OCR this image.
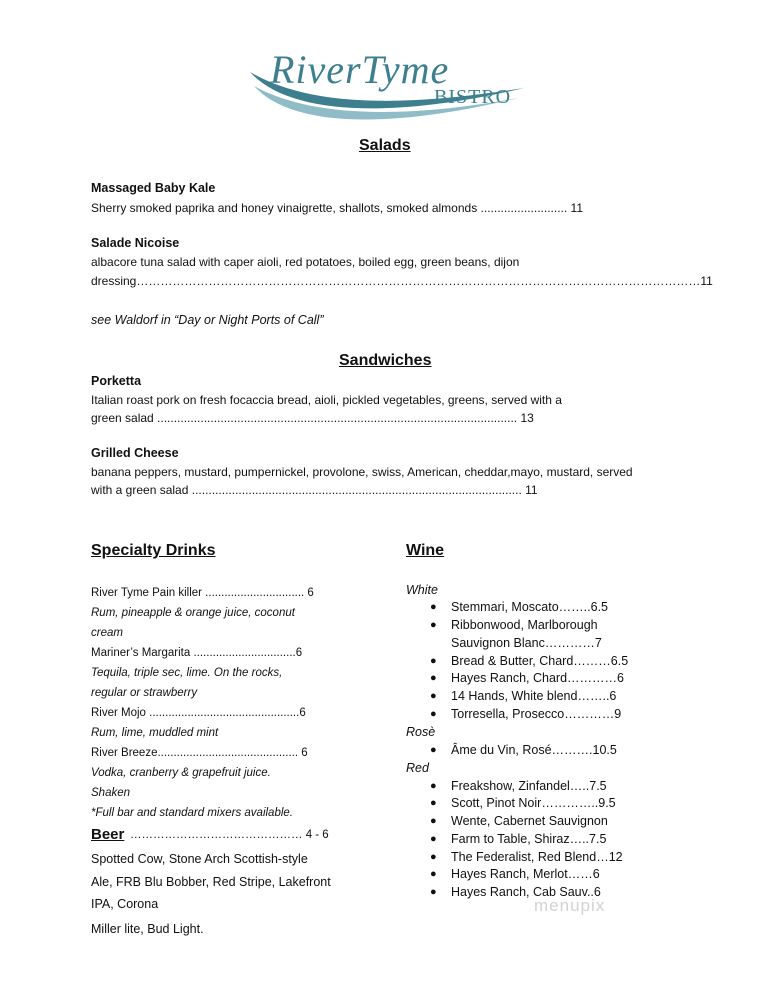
RiverTyme
BISTRO
Salads
Massaged Baby Kale
Sherry smoked paprika and honey vinaigrette, shallots, smoked almonds .......................... 11
Salade Nicoise
albacore tuna salad with caper aioli, red potatoes, boiled egg, green beans, dijon
dressing……………………………………………………………………………………………………………………………11
see Waldorf in “Day or Night Ports of Call”
Sandwiches
Porketta
Italian roast pork on fresh focaccia bread, aioli, pickled vegetables, greens, served with a
green salad ............................................................................................................ 13
Grilled Cheese
banana peppers, mustard, pumpernickel, provolone, swiss, American, cheddar,mayo, mustard, served
with a green salad ................................................................................................... 11
Specialty Drinks
River Tyme Pain killer ............................... 6
Rum, pineapple & orange juice, coconut
cream
Mariner’s Margarita ................................6
Tequila, triple sec, lime. On the rocks,
regular or strawberry
River Mojo ...............................................6
Rum, lime, muddled mint
River Breeze............................................ 6
Vodka, cranberry & grapefruit juice.
Shaken
*Full bar and standard mixers available.
Beer ……………………………………… 4 - 6
Spotted Cow, Stone Arch Scottish-style
Ale, FRB Blu Bobber, Red Stripe, Lakefront
IPA, Corona
Miller lite, Bud Light.
Wine
White
● Stemmari, Moscato……..6.5
● Ribbonwood, Marlborough
Sauvignon Blanc…………7
● Bread & Butter, Chard………6.5
● Hayes Ranch, Chard…………6
● 14 Hands, White blend……..6
● Torresella, Prosecco…………9
Rosè
● Âme du Vin, Rosé……….10.5
Red
● Freakshow, Zinfandel…..7.5
● Scott, Pinot Noir…………..9.5
● Wente, Cabernet Sauvignon
● Farm to Table, Shiraz…..7.5
● The Federalist, Red Blend…12
● Hayes Ranch, Merlot……6
● Hayes Ranch, Cab Sauv..6
menupix
